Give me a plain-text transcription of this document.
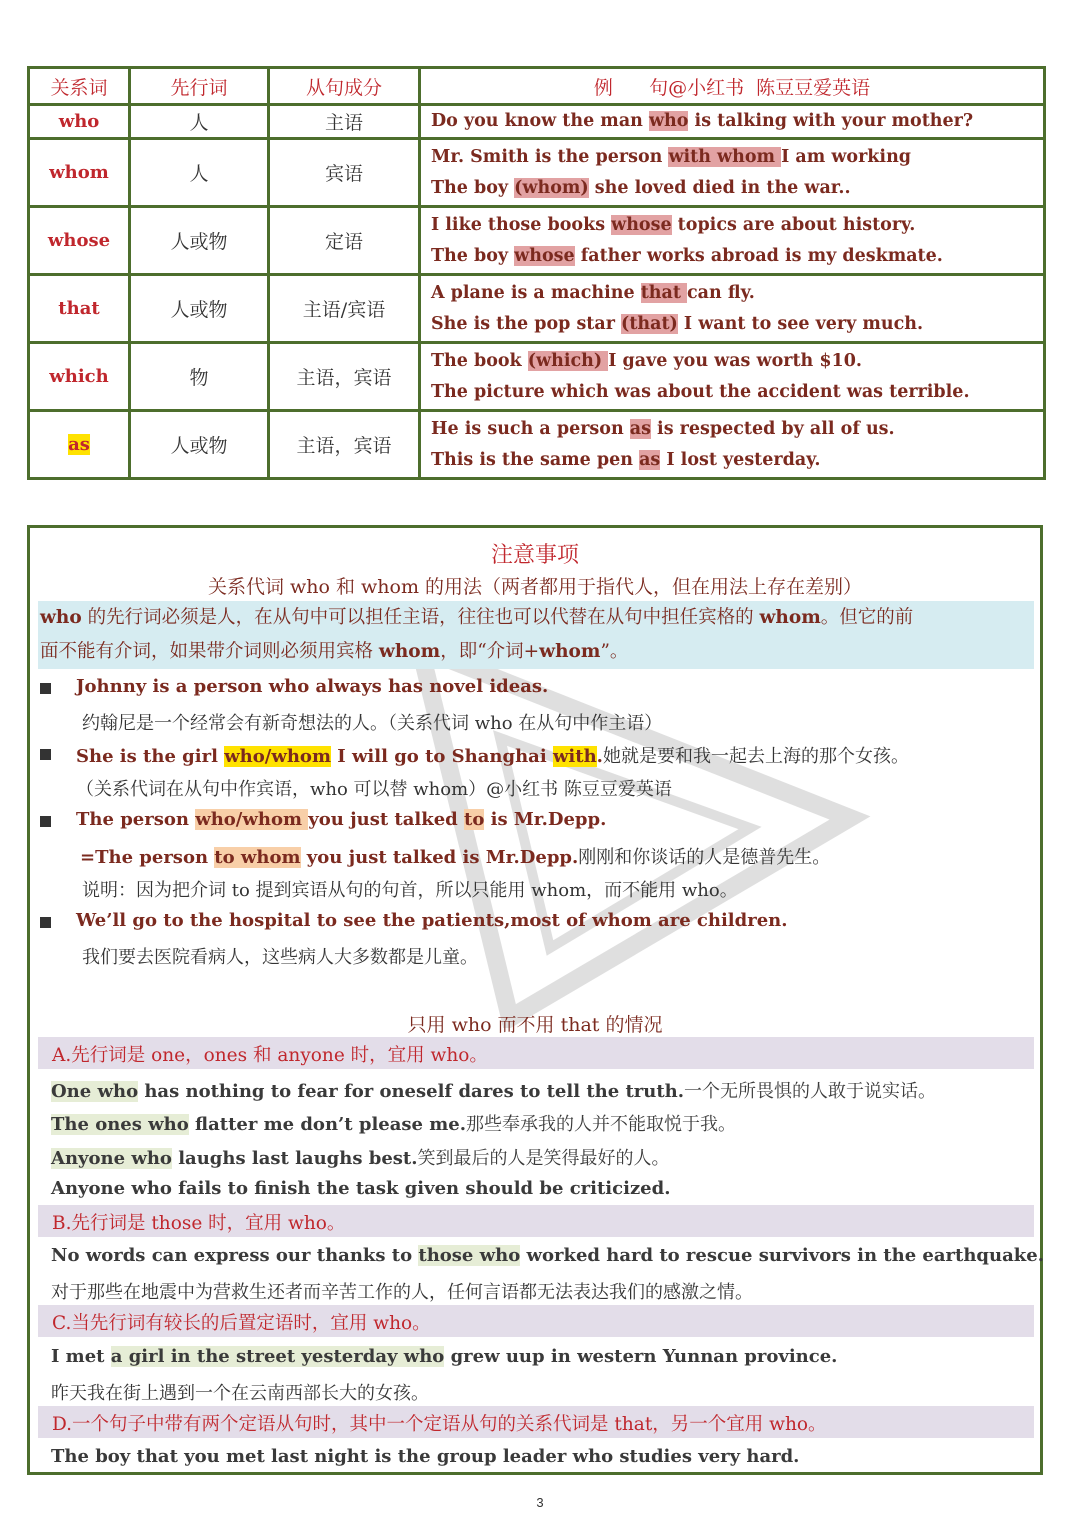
关系词	先行词	从句成分	例      句@小红书  陈豆豆爱英语
who	人	主语	Do you know the man who is talking with your mother?

whom	人	宾语	Mr. Smith is the person with whom I am working
The boy (whom) she loved died in the war..

whose	人或物	定语	I like those books whose topics are about history.
The boy whose father works abroad is my deskmate.

that	人或物	主语/宾语	A plane is a machine that can fly.
She is the pop star (that) I want to see very much.

which	物	主语，宾语	The book (which) I gave you was worth $10.
The picture which was about the accident was terrible.

as	人或物	主语，宾语	He is such a person as is respected by all of us.
This is the same pen as I lost yesterday.
注意事项
关系代词 who 和 whom 的用法（两者都用于指代人，但在用法上存在差别）

who 的先行词必须是人，在从句中可以担任主语，往往也可以代替在从句中担任宾格的 whom。但它的前

面不能有介词，如果带介词则必须用宾格 whom，即“介词+whom”。

Johnny is a person who always has novel ideas.
约翰尼是一个经常会有新奇想法的人。（关系代词 who 在从句中作主语）
She is the girl who/whom I will go to Shanghai with.她就是要和我一起去上海的那个女孩。
（关系代词在从句中作宾语，who 可以替 whom）@小红书 陈豆豆爱英语
The person who/whom you just talked to is Mr.Depp.
=The person to whom you just talked is Mr.Depp.刚刚和你谈话的人是德普先生。
说明：因为把介词 to 提到宾语从句的句首，所以只能用 whom，而不能用 who。
We’ll go to the hospital to see the patients,most of whom are children.
我们要去医院看病人，这些病人大多数都是儿童。
只用 who 而不用 that 的情况
A.先行词是 one，ones 和 anyone 时，宜用 who。
One who has nothing to fear for oneself dares to tell the truth.一个无所畏惧的人敢于说实话。
The ones who flatter me don’t please me.那些奉承我的人并不能取悦于我。
Anyone who laughs last laughs best.笑到最后的人是笑得最好的人。
Anyone who fails to finish the task given should be criticized.
B.先行词是 those 时，宜用 who。
No words can express our thanks to those who worked hard to rescue survivors in the earthquake.
对于那些在地震中为营救生还者而辛苦工作的人，任何言语都无法表达我们的感激之情。
C.当先行词有较长的后置定语时，宜用 who。
I met a girl in the street yesterday who grew uup in western Yunnan province.
昨天我在街上遇到一个在云南西部长大的女孩。
D.一个句子中带有两个定语从句时，其中一个定语从句的关系代词是 that，另一个宜用 who。
The boy that you met last night is the group leader who studies very hard.
3
